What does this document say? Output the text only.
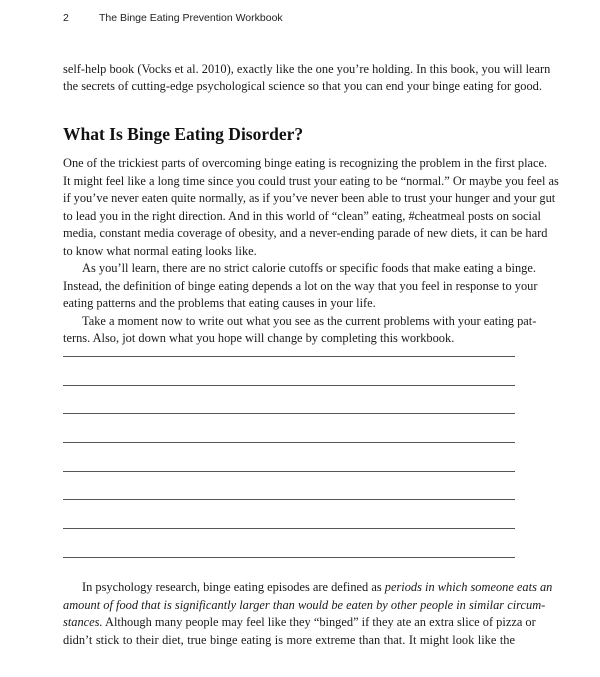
2	The Binge Eating Prevention Workbook
self-help book (Vocks et al. 2010), exactly like the one you’re holding. In this book, you will learn
the secrets of cutting-edge psychological science so that you can end your binge eating for good.
What Is Binge Eating Disorder?
One of the trickiest parts of overcoming binge eating is recognizing the problem in the first place.
It might feel like a long time since you could trust your eating to be “normal.” Or maybe you feel as
if you’ve never eaten quite normally, as if you’ve never been able to trust your hunger and your gut
to lead you in the right direction. And in this world of “clean” eating, #cheatmeal posts on social
media, constant media coverage of obesity, and a never-ending parade of new diets, it can be hard
to know what normal eating looks like.
As you’ll learn, there are no strict calorie cutoffs or specific foods that make eating a binge.
Instead, the definition of binge eating depends a lot on the way that you feel in response to your
eating patterns and the problems that eating causes in your life.
Take a moment now to write out what you see as the current problems with your eating pat-
terns. Also, jot down what you hope will change by completing this workbook.
In psychology research, binge eating episodes are defined as periods in which someone eats an
amount of food that is significantly larger than would be eaten by other people in similar circum-
stances. Although many people may feel like they “binged” if they ate an extra slice of pizza or
didn’t stick to their diet, true binge eating is more extreme than that. It might look like the
